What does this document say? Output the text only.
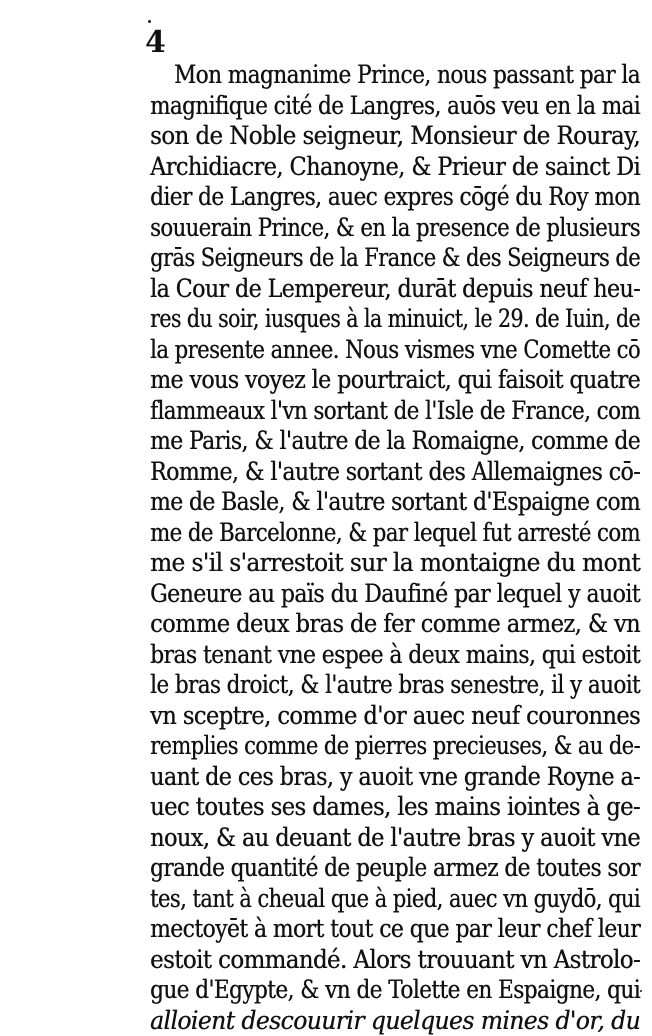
4
Mon magnanime Prince, nous passant par la
magnifique cité de Langres, auōs veu en la mai
son de Noble seigneur, Monsieur de Rouray,
Archidiacre, Chanoyne, & Prieur de sainct Di
dier de Langres, auec expres cōgé du Roy mon
souuerain Prince, & en la presence de plusieurs
grās Seigneurs de la France & des Seigneurs de
la Cour de Lempereur, durāt depuis neuf heu-
res du soir, iusques à la minuict, le 29. de Iuin, de
la presente annee. Nous vismes vne Comette cō
me vous voyez le pourtraict, qui faisoit quatre
flammeaux l'vn sortant de l'Isle de France, com
me Paris, & l'autre de la Romaigne, comme de
Romme, & l'autre sortant des Allemaignes cō-
me de Basle, & l'autre sortant d'Espaigne com
me de Barcelonne, & par lequel fut arresté com
me s'il s'arrestoit sur la montaigne du mont
Geneure au païs du Daufiné par lequel y auoit
comme deux bras de fer comme armez, & vn
bras tenant vne espee à deux mains, qui estoit
le bras droict, & l'autre bras senestre, il y auoit
vn sceptre, comme d'or auec neuf couronnes
remplies comme de pierres precieuses, & au de-
uant de ces bras, y auoit vne grande Royne a-
uec toutes ses dames, les mains iointes à ge-
noux, & au deuant de l'autre bras y auoit vne
grande quantité de peuple armez de toutes sor
tes, tant à cheual que à pied, auec vn guydō, qui
mectoyēt à mort tout ce que par leur chef leur
estoit commandé. Alors trouuant vn Astrolo-
gue d'Egypte, & vn de Tolette en Espaigne, qui
alloient descouurir quelques mines d'or, du
